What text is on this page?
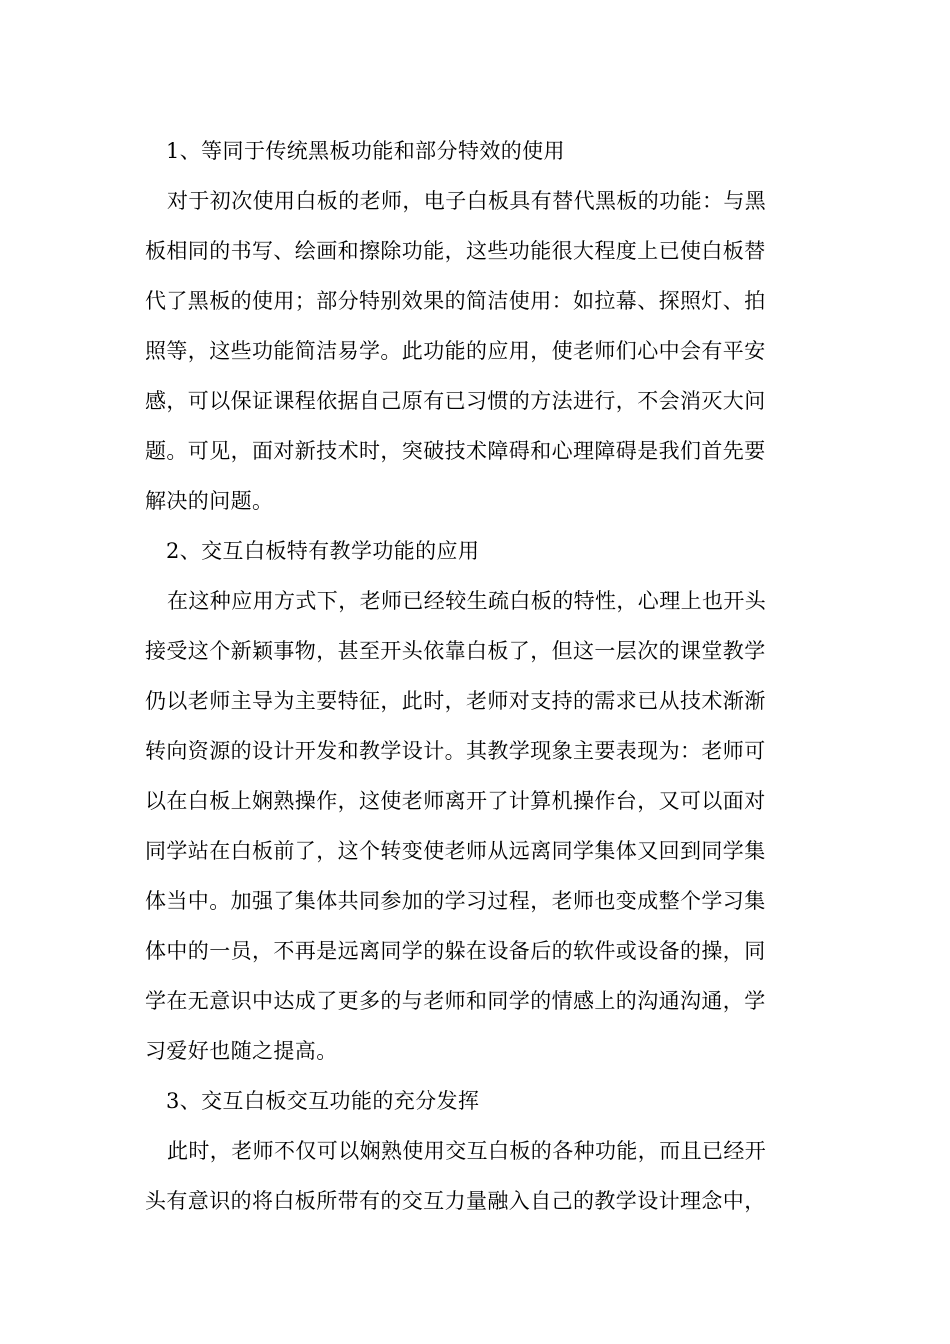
1、等同于传统黑板功能和部分特效的使用
对于初次使用白板的老师，电子白板具有替代黑板的功能：与黑
板相同的书写、绘画和擦除功能，这些功能很大程度上已使白板替
代了黑板的使用；部分特别效果的简洁使用：如拉幕、探照灯、拍
照等，这些功能简洁易学。此功能的应用，使老师们心中会有平安
感，可以保证课程依据自己原有已习惯的方法进行，不会消灭大问
题。可见，面对新技术时，突破技术障碍和心理障碍是我们首先要
解决的问题。
2、交互白板特有教学功能的应用
在这种应用方式下，老师已经较生疏白板的特性，心理上也开头
接受这个新颖事物，甚至开头依靠白板了，但这一层次的课堂教学
仍以老师主导为主要特征，此时，老师对支持的需求已从技术渐渐
转向资源的设计开发和教学设计。其教学现象主要表现为：老师可
以在白板上娴熟操作，这使老师离开了计算机操作台，又可以面对
同学站在白板前了，这个转变使老师从远离同学集体又回到同学集
体当中。加强了集体共同参加的学习过程，老师也变成整个学习集
体中的一员，不再是远离同学的躲在设备后的软件或设备的操，同
学在无意识中达成了更多的与老师和同学的情感上的沟通沟通，学
习爱好也随之提高。
3、交互白板交互功能的充分发挥
此时，老师不仅可以娴熟使用交互白板的各种功能，而且已经开
头有意识的将白板所带有的交互力量融入自己的教学设计理念中，
